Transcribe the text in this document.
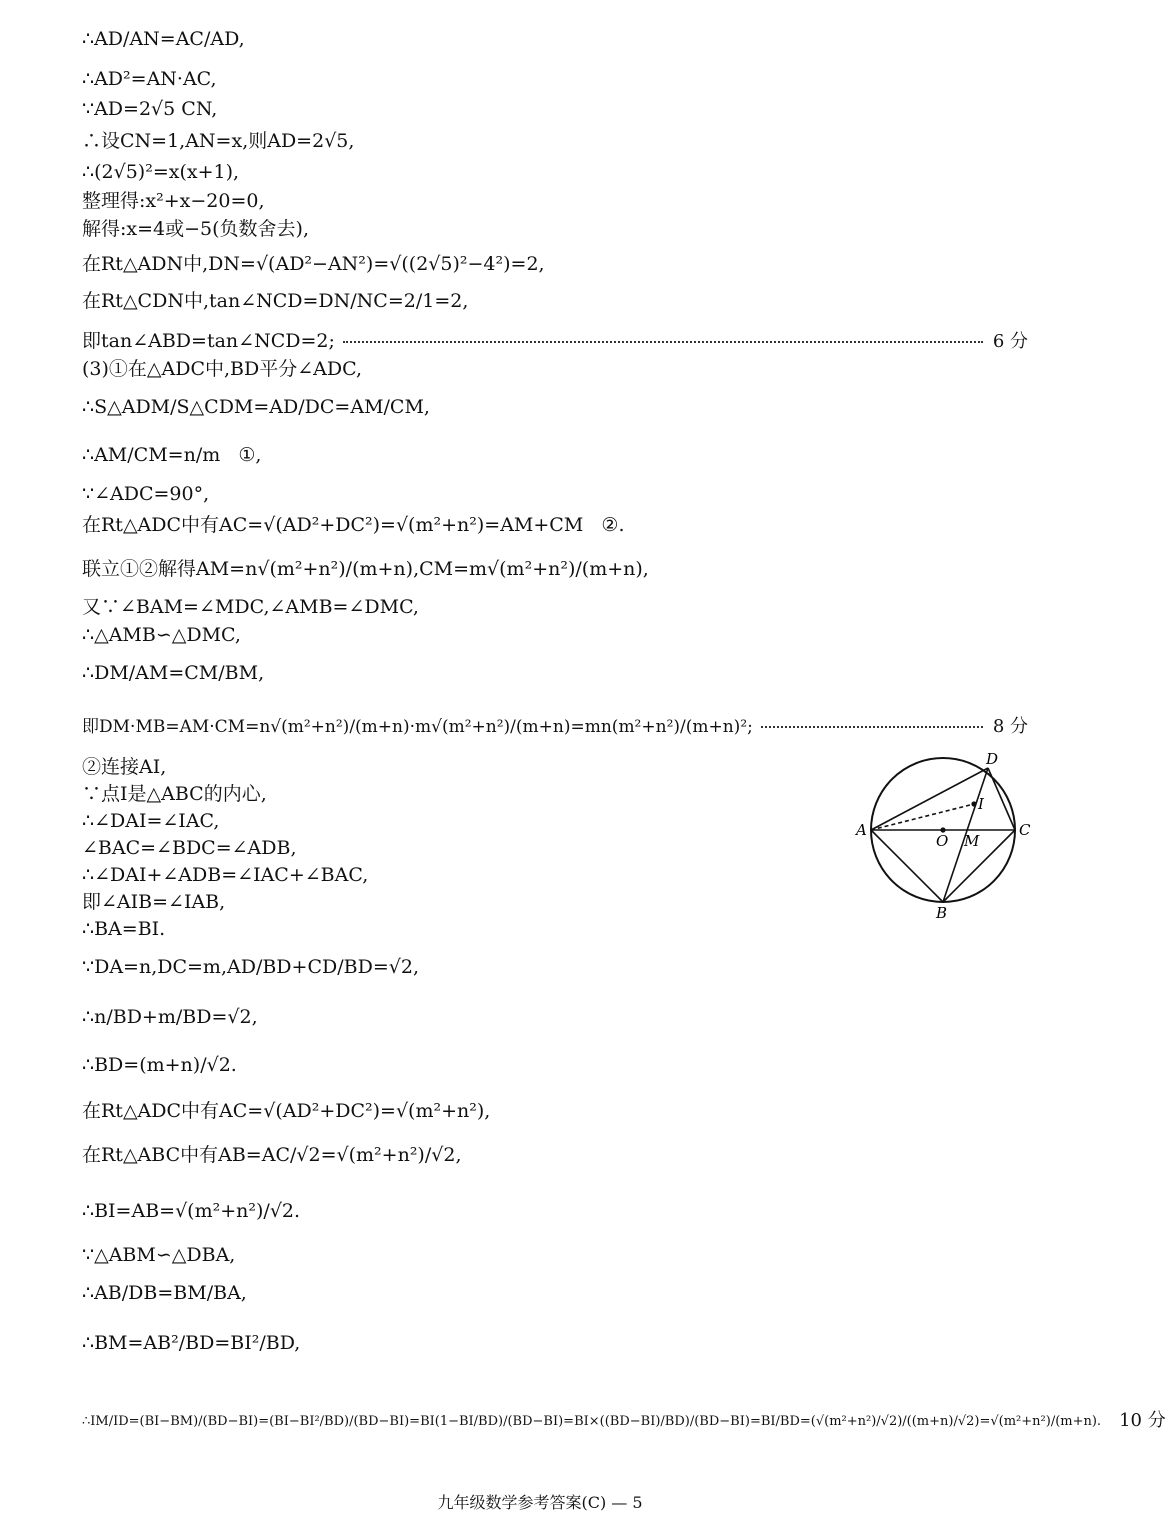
∴AD/AN=AC/AD,
∴AD²=AN·AC,
∵AD=2√5 CN,
∴设CN=1,AN=x,则AD=2√5,
∴(2√5)²=x(x+1),
整理得:x²+x−20=0,
解得:x=4或−5(负数舍去),
在Rt△ADN中,DN=√(AD²−AN²)=√((2√5)²−4²)=2,
在Rt△CDN中,tan∠NCD=DN/NC=2/1=2,
即tan∠ABD=tan∠NCD=2;	6 分
(3)①在△ADC中,BD平分∠ADC,
∴S△ADM/S△CDM=AD/DC=AM/CM,
∴AM/CM=n/m   ①,
∵∠ADC=90°,
在Rt△ADC中有AC=√(AD²+DC²)=√(m²+n²)=AM+CM   ②.
联立①②解得AM=n√(m²+n²)/(m+n),CM=m√(m²+n²)/(m+n),
又∵∠BAM=∠MDC,∠AMB=∠DMC,
∴△AMB∽△DMC,
∴DM/AM=CM/BM,
即DM·MB=AM·CM=n√(m²+n²)/(m+n)·m√(m²+n²)/(m+n)=mn(m²+n²)/(m+n)²;	8 分
②连接AI,
∵点I是△ABC的内心,
∴∠DAI=∠IAC,
∠BAC=∠BDC=∠ADB,
∴∠DAI+∠ADB=∠IAC+∠BAC,
即∠AIB=∠IAB,
∴BA=BI.
∵DA=n,DC=m,AD/BD+CD/BD=√2,
∴n/BD+m/BD=√2,
∴BD=(m+n)/√2.
在Rt△ADC中有AC=√(AD²+DC²)=√(m²+n²),
在Rt△ABC中有AB=AC/√2=√(m²+n²)/√2,
∴BI=AB=√(m²+n²)/√2.
∵△ABM∽△DBA,
∴AB/DB=BM/BA,
∴BM=AB²/BD=BI²/BD,
∴IM/ID=(BI−BM)/(BD−BI)=(BI−BI²/BD)/(BD−BI)=BI(1−BI/BD)/(BD−BI)=BI×((BD−BI)/BD)/(BD−BI)=BI/BD=(√(m²+n²)/√2)/((m+n)/√2)=√(m²+n²)/(m+n). 10 分
A
B
C
D
I
O M
九年级数学参考答案(C) — 5
